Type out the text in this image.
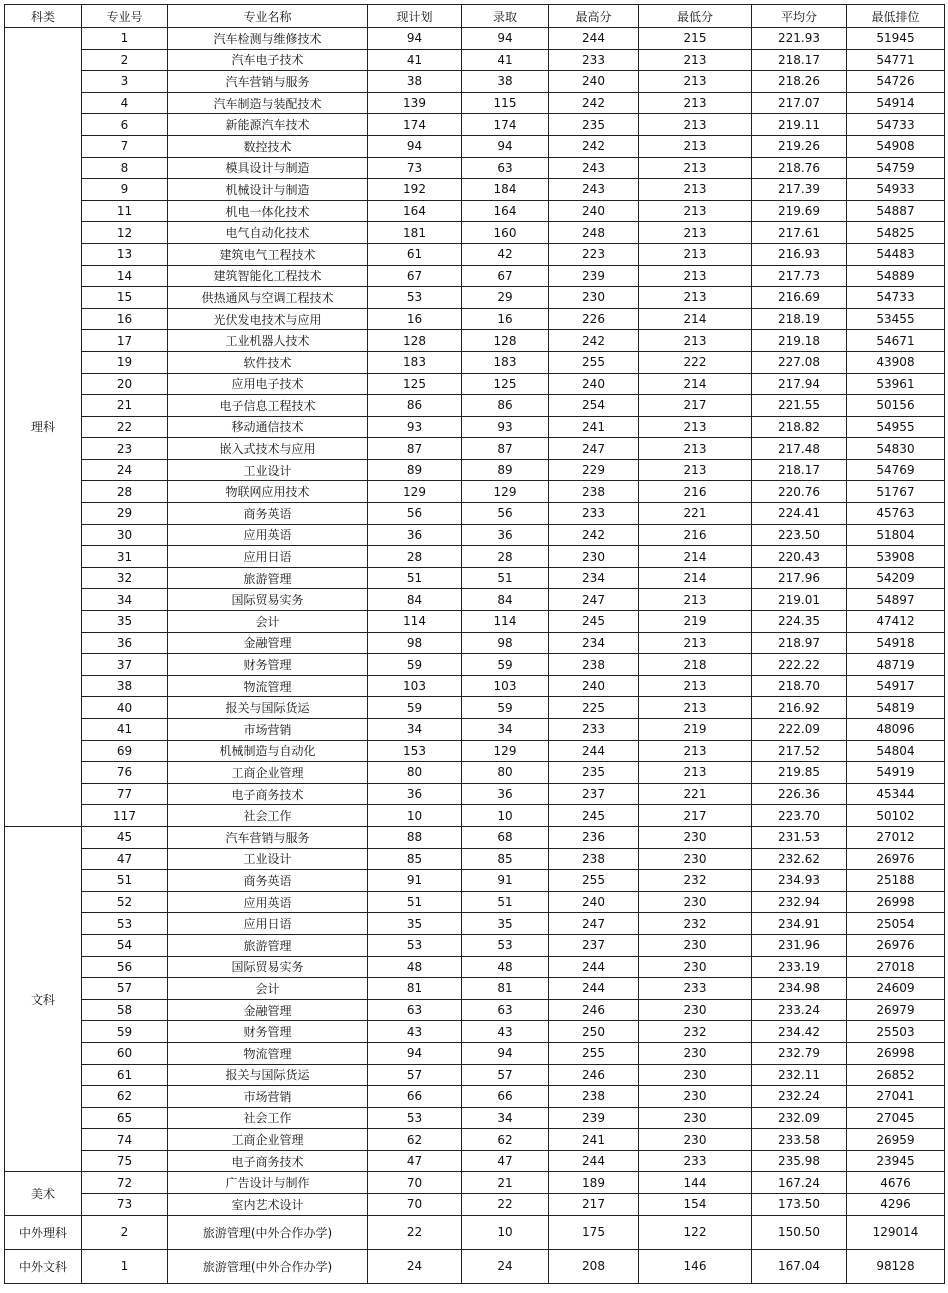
科类	专业号	专业名称	现计划	录取	最高分	最低分	平均分	最低排位
理科	1	汽车检测与维修技术	94	94	244	215	221.93	51945
	2	汽车电子技术	41	41	233	213	218.17	54771
	3	汽车营销与服务	38	38	240	213	218.26	54726
	4	汽车制造与装配技术	139	115	242	213	217.07	54914
	6	新能源汽车技术	174	174	235	213	219.11	54733
	7	数控技术	94	94	242	213	219.26	54908
	8	模具设计与制造	73	63	243	213	218.76	54759
	9	机械设计与制造	192	184	243	213	217.39	54933
	11	机电一体化技术	164	164	240	213	219.69	54887
	12	电气自动化技术	181	160	248	213	217.61	54825
	13	建筑电气工程技术	61	42	223	213	216.93	54483
	14	建筑智能化工程技术	67	67	239	213	217.73	54889
	15	供热通风与空调工程技术	53	29	230	213	216.69	54733
	16	光伏发电技术与应用	16	16	226	214	218.19	53455
	17	工业机器人技术	128	128	242	213	219.18	54671
	19	软件技术	183	183	255	222	227.08	43908
	20	应用电子技术	125	125	240	214	217.94	53961
	21	电子信息工程技术	86	86	254	217	221.55	50156
	22	移动通信技术	93	93	241	213	218.82	54955
	23	嵌入式技术与应用	87	87	247	213	217.48	54830
	24	工业设计	89	89	229	213	218.17	54769
	28	物联网应用技术	129	129	238	216	220.76	51767
	29	商务英语	56	56	233	221	224.41	45763
	30	应用英语	36	36	242	216	223.50	51804
	31	应用日语	28	28	230	214	220.43	53908
	32	旅游管理	51	51	234	214	217.96	54209
	34	国际贸易实务	84	84	247	213	219.01	54897
	35	会计	114	114	245	219	224.35	47412
	36	金融管理	98	98	234	213	218.97	54918
	37	财务管理	59	59	238	218	222.22	48719
	38	物流管理	103	103	240	213	218.70	54917
	40	报关与国际货运	59	59	225	213	216.92	54819
	41	市场营销	34	34	233	219	222.09	48096
	69	机械制造与自动化	153	129	244	213	217.52	54804
	76	工商企业管理	80	80	235	213	219.85	54919
	77	电子商务技术	36	36	237	221	226.36	45344
	117	社会工作	10	10	245	217	223.70	50102
文科	45	汽车营销与服务	88	68	236	230	231.53	27012
	47	工业设计	85	85	238	230	232.62	26976
	51	商务英语	91	91	255	232	234.93	25188
	52	应用英语	51	51	240	230	232.94	26998
	53	应用日语	35	35	247	232	234.91	25054
	54	旅游管理	53	53	237	230	231.96	26976
	56	国际贸易实务	48	48	244	230	233.19	27018
	57	会计	81	81	244	233	234.98	24609
	58	金融管理	63	63	246	230	233.24	26979
	59	财务管理	43	43	250	232	234.42	25503
	60	物流管理	94	94	255	230	232.79	26998
	61	报关与国际货运	57	57	246	230	232.11	26852
	62	市场营销	66	66	238	230	232.24	27041
	65	社会工作	53	34	239	230	232.09	27045
	74	工商企业管理	62	62	241	230	233.58	26959
	75	电子商务技术	47	47	244	233	235.98	23945
美术	72	广告设计与制作	70	21	189	144	167.24	4676
	73	室内艺术设计	70	22	217	154	173.50	4296
中外理科	2	旅游管理(中外合作办学)	22	10	175	122	150.50	129014
中外文科	1	旅游管理(中外合作办学)	24	24	208	146	167.04	98128
